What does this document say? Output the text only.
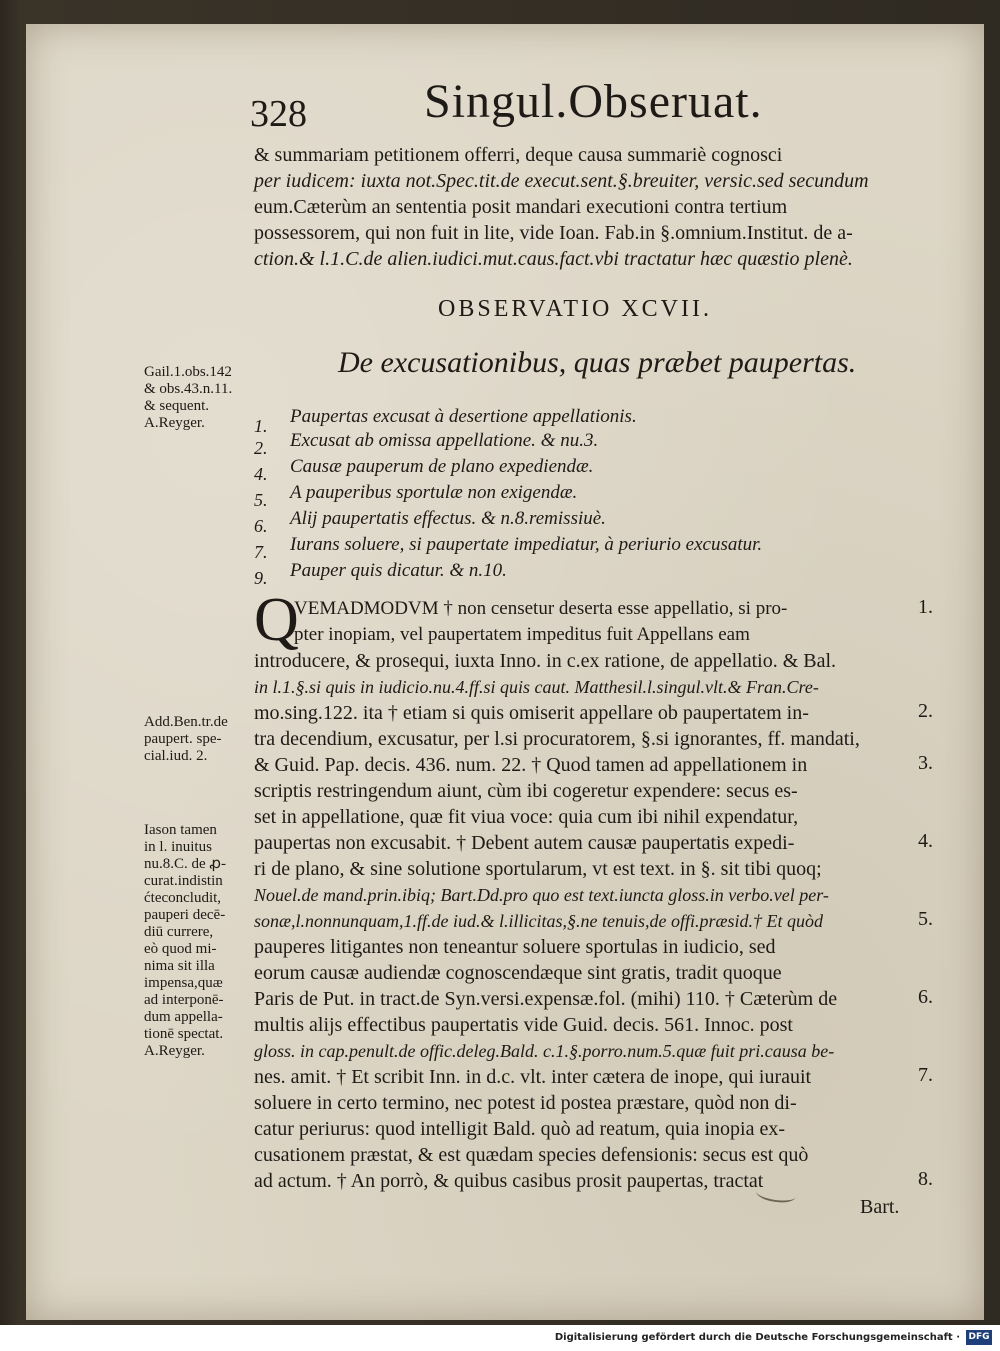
328 Singul.Obseruat.
& summariam petitionem offerri, deque causa summariè cognosci
per iudicem: iuxta not.Spec.tit.de execut.sent.§.breuiter, versic.sed secundum
eum.Cæterùm an sententia posit mandari executioni contra tertium
possessorem, qui non fuit in lite, vide Ioan. Fab.in §.omnium.Institut. de a-
ction.& l.1.C.de alien.iudici.mut.caus.fact.vbi tractatur hæc quæstio plenè.
OBSERVATIO XCVII.
De excusationibus, quas præbet paupertas.
Gail.1.obs.142
& obs.43.n.11.
& sequent.
A.Reyger.	1.	Paupertas excusat à desertione appellationis.
2.	Excusat ab omissa appellatione. & nu.3.
4.	Causæ pauperum de plano expediendæ.
5.	A pauperibus sportulæ non exigendæ.
6.	Alij paupertatis effectus. & n.8.remissiuè.
7.	Iurans soluere, si paupertate impediatur, à periurio excusatur.
9.	Pauper quis dicatur. & n.10.
Q
VEMADMODVM † non censetur deserta esse appellatio, si pro-
pter inopiam, vel paupertatem impeditus fuit Appellans eam
introducere, & prosequi, iuxta Inno. in c.ex ratione, de appellatio. & Bal.
in l.1.§.si quis in iudicio.nu.4.ff.si quis caut. Matthesil.l.singul.vlt.& Fran.Cre-
mo.sing.122. ita † etiam si quis omiserit appellare ob paupertatem in-
tra decendium, excusatur, per l.si procuratorem, §.si ignorantes, ff. mandati,
& Guid. Pap. decis. 436. num. 22. † Quod tamen ad appellationem in
scriptis restringendum aiunt, cùm ibi cogeretur expendere: secus es-
set in appellatione, quæ fit viua voce: quia cum ibi nihil expendatur,
paupertas non excusabit. † Debent autem causæ paupertatis expedi-
ri de plano, & sine solutione sportularum, vt est text. in §. sit tibi quoq;
Nouel.de mand.prin.ibiq; Bart.Dd.pro quo est text.iuncta gloss.in verbo.vel per-
sonæ,l.nonnunquam,1.ff.de iud.& l.illicitas,§.ne tenuis,de offi.præsid.† Et quòd
pauperes litigantes non teneantur soluere sportulas in iudicio, sed
eorum causæ audiendæ cognoscendæque sint gratis, tradit quoque
Paris de Put. in tract.de Syn.versi.expensæ.fol. (mihi) 110. † Cæterùm de
multis alijs effectibus paupertatis vide Guid. decis. 561. Innoc. post
gloss. in cap.penult.de offic.deleg.Bald. c.1.§.porro.num.5.quæ fuit pri.causa be-
nes. amit. † Et scribit Inn. in d.c. vlt. inter cætera de inope, qui iurauit
soluere in certo termino, nec potest id postea præstare, quòd non di-
catur periurus: quod intelligit Bald. quò ad reatum, quia inopia ex-
cusationem præstat, & est quædam species defensionis: secus est quò
ad actum. † An porrò, & quibus casibus prosit paupertas, tractat
Bart.
Add.Ben.tr.de
paupert. spe-
cial.iud. 2.
Iason tamen
in l. inuitus
nu.8.C. de ꝓ-
curat.indistin
ćteconcludit,
pauperi decē-
diū currere,
eò quod mi-
nima sit illa
impensa,quæ
ad interponē-
dum appella-
tionē spectat.
A.Reyger.
1.
2.
3.
4.
5.
6.
7.
8.
Digitalisierung gefördert durch die Deutsche Forschungsgemeinschaft · DFG
